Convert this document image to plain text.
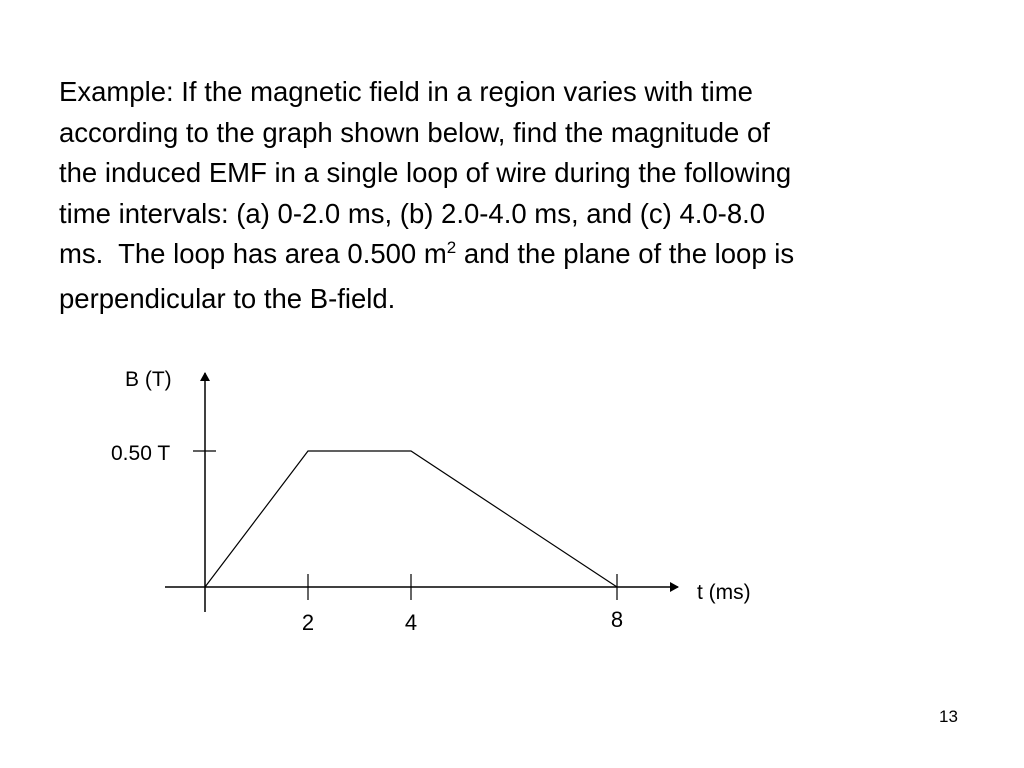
Example: If the magnetic field in a region varies with time
according to the graph shown below, find the magnitude of
the induced EMF in a single loop of wire during the following
time intervals: (a) 0-2.0 ms, (b) 2.0-4.0 ms, and (c) 4.0-8.0
ms.  The loop has area 0.500 $m^2$ and the plane of the loop is
perpendicular to the B-field.
B (T)
t (ms)
0.50 T
2	4	8
13
